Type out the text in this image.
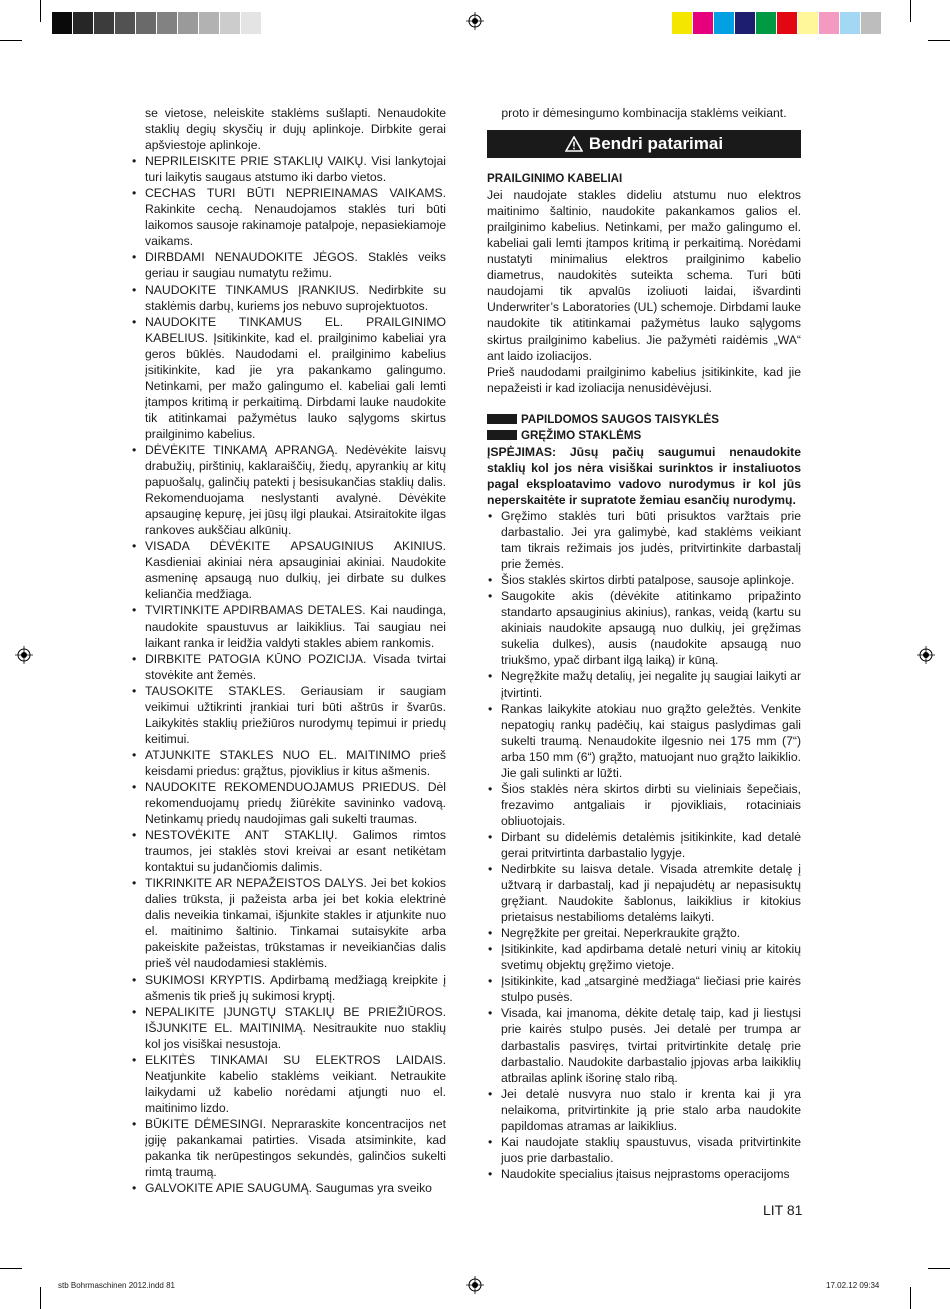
se vietose, neleiskite staklėms sušlapti. Nenaudokite staklių degių skysčių ir dujų aplinkoje. Dirbkite gerai apšviestoje aplinkoje.
• NEPRILEISKITE PRIE STAKLIŲ VAIKŲ. Visi lankytojai turi laikytis saugaus atstumo iki darbo vietos.
• CECHAS TURI BŪTI NEPRIEINAMAS VAIKAMS. Rakinkite cechą. Nenaudojamos staklės turi būti laikomos sausoje rakinamoje patalpoje, nepasiekiamoje vaikams.
• DIRBDAMI NENAUDOKITE JĖGOS. Staklės veiks geriau ir saugiau numatytu režimu.
• NAUDOKITE TINKAMUS ĮRANKIUS. Nedirbkite su staklėmis darbų, kuriems jos nebuvo suprojektuotos.
• NAUDOKITE TINKAMUS EL. PRAILGINIMO KABELIUS. Įsitikinkite, kad el. prailginimo kabeliai yra geros būklės. Naudodami el. prailginimo kabelius įsitikinkite, kad jie yra pakankamo galingumo. Netinkami, per mažo galingumo el. kabeliai gali lemti įtampos kritimą ir perkaitimą. Dirbdami lauke naudokite tik atitinkamai pažymėtus lauko sąlygoms skirtus prailginimo kabelius.
• DĖVĖKITE TINKAMĄ APRANGĄ. Nedėvėkite laisvų drabužių, pirštinių, kaklaraiščių, žiedų, apyrankių ar kitų papuošalų, galinčių patekti į besisukančias staklių dalis. Rekomenduojama neslystanti avalynė. Dėvėkite apsauginę kepurę, jei jūsų ilgi plaukai. Atsiraitokite ilgas rankoves aukščiau alkūnių.
• VISADA DĖVĖKITE APSAUGINIUS AKINIUS. Kasdieniai akiniai nėra apsauginiai akiniai. Naudokite asmeninę apsaugą nuo dulkių, jei dirbate su dulkes keliančia medžiaga.
• TVIRTINKITE APDIRBAMAS DETALES. Kai naudinga, naudokite spaustuvus ar laikiklius. Tai saugiau nei laikant ranka ir leidžia valdyti stakles abiem rankomis.
• DIRBKITE PATOGIA KŪNO POZICIJA. Visada tvirtai stovėkite ant žemės.
• TAUSOKITE STAKLES. Geriausiam ir saugiam veikimui užtikrinti įrankiai turi būti aštrūs ir švarūs. Laikykitės staklių priežiūros nurodymų tepimui ir priedų keitimui.
• ATJUNKITE STAKLES NUO EL. MAITINIMO prieš keisdami priedus: grąžtus, pjoviklius ir kitus ašmenis.
• NAUDOKITE REKOMENDUOJAMUS PRIEDUS. Dėl rekomenduojamų priedų žiūrėkite savininko vadovą. Netinkamų priedų naudojimas gali sukelti traumas.
• NESTOVĖKITE ANT STAKLIŲ. Galimos rimtos traumos, jei staklės stovi kreivai ar esant netikėtam kontaktui su judančiomis dalimis.
• TIKRINKITE AR NEPAŽEISTOS DALYS. Jei bet kokios dalies trūksta, ji pažeista arba jei bet kokia elektrinė dalis neveikia tinkamai, išjunkite stakles ir atjunkite nuo el. maitinimo šaltinio. Tinkamai sutaisykite arba pakeiskite pažeistas, trūkstamas ir neveikiančias dalis prieš vėl naudodamiesi staklėmis.
• SUKIMOSI KRYPTIS. Apdirbamą medžiagą kreipkite į ašmenis tik prieš jų sukimosi kryptį.
• NEPALIKITE ĮJUNGTŲ STAKLIŲ BE PRIEŽIŪROS. IŠJUNKITE EL. MAITINIMĄ. Nesitraukite nuo staklių kol jos visiškai nesustoja.
• ELKITĖS TINKAMAI SU ELEKTROS LAIDAIS. Neatjunkite kabelio staklėms veikiant. Netraukite laikydami už kabelio norėdami atjungti nuo el. maitinimo lizdo.
• BŪKITE DĖMESINGI. Nepraraskite koncentracijos net įgiję pakankamai patirties. Visada atsiminkite, kad pakanka tik nerūpestingos sekundės, galinčios sukelti rimtą traumą.
• GALVOKITE APIE SAUGUMĄ. Saugumas yra sveiko

proto ir dėmesingumo kombinacija staklėms veikiant.

Bendri patarimai

PRAILGINIMO KABELIAI

Jei naudojate stakles dideliu atstumu nuo elektros maitinimo šaltinio, naudokite pakankamos galios el. prailginimo kabelius. Netinkami, per mažo galingumo el. kabeliai gali lemti įtampos kritimą ir perkaitimą. Norėdami nustatyti minimalius elektros prailginimo kabelio diametrus, naudokitės suteikta schema. Turi būti naudojami tik apvalūs izoliuoti laidai, išvardinti Underwriter’s Laboratories (UL) schemoje. Dirbdami lauke naudokite tik atitinkamai pažymėtus lauko sąlygoms skirtus prailginimo kabelius. Jie pažymėti raidėmis „WA“ ant laido izoliacijos.

Prieš naudodami prailginimo kabelius įsitikinkite, kad jie nepažeisti ir kad izoliacija nenusidėvėjusi.

PAPILDOMOS SAUGOS TAISYKLĖS

GRĘŽIMO STAKLĖMS

ĮSPĖJIMAS: Jūsų pačių saugumui nenaudokite staklių kol jos nėra visiškai surinktos ir instaliuotos pagal eksploatavimo vadovo nurodymus ir kol jūs neperskaitėte ir supratote žemiau esančių nurodymų.

• Gręžimo staklės turi būti prisuktos varžtais prie darbastalio. Jei yra galimybė, kad staklėms veikiant tam tikrais režimais jos judės, pritvirtinkite darbastalį prie žemės.
• Šios staklės skirtos dirbti patalpose, sausoje aplinkoje.
• Saugokite akis (dėvėkite atitinkamo pripažinto standarto apsauginius akinius), rankas, veidą (kartu su akiniais naudokite apsaugą nuo dulkių, jei gręžimas sukelia dulkes), ausis (naudokite apsaugą nuo triukšmo, ypač dirbant ilgą laiką) ir kūną.
• Negręžkite mažų detalių, jei negalite jų saugiai laikyti ar įtvirtinti.
• Rankas laikykite atokiau nuo grąžto geležtės. Venkite nepatogių rankų padėčių, kai staigus paslydimas gali sukelti traumą. Nenaudokite ilgesnio nei 175 mm (7“) arba 150 mm (6“) grąžto, matuojant nuo grąžto laikiklio. Jie gali sulinkti ar lūžti.
• Šios staklės nėra skirtos dirbti su vieliniais šepečiais, frezavimo antgaliais ir pjovikliais, rotaciniais obliuotojais.
• Dirbant su didelėmis detalėmis įsitikinkite, kad detalė gerai pritvirtinta darbastalio lygyje.
• Nedirbkite su laisva detale. Visada atremkite detalę į užtvarą ir darbastalį, kad ji nepajudėtų ar nepasisuktų gręžiant. Naudokite šablonus, laikiklius ir kitokius prietaisus nestabilioms detalėms laikyti.
• Negręžkite per greitai. Neperkraukite grąžto.
• Įsitikinkite, kad apdirbama detalė neturi vinių ar kitokių svetimų objektų gręžimo vietoje.
• Įsitikinkite, kad „atsarginė medžiaga“ liečiasi prie kairės stulpo pusės.
• Visada, kai įmanoma, dėkite detalę taip, kad ji liestųsi prie kairės stulpo pusės. Jei detalė per trumpa ar darbastalis pasviręs, tvirtai pritvirtinkite detalę prie darbastalio. Naudokite darbastalio įpjovas arba laikiklių atbrailas aplink išorinę stalo ribą.
• Jei detalė nusvyra nuo stalo ir krenta kai ji yra nelaikoma, pritvirtinkite ją prie stalo arba naudokite papildomas atramas ar laikiklius.
• Kai naudojate staklių spaustuvus, visada pritvirtinkite juos prie darbastalio.
• Naudokite specialius įtaisus neįprastoms operacijoms
LIT 81
stb Bohrmaschinen 2012.indd 81	17.02.12 09:34
